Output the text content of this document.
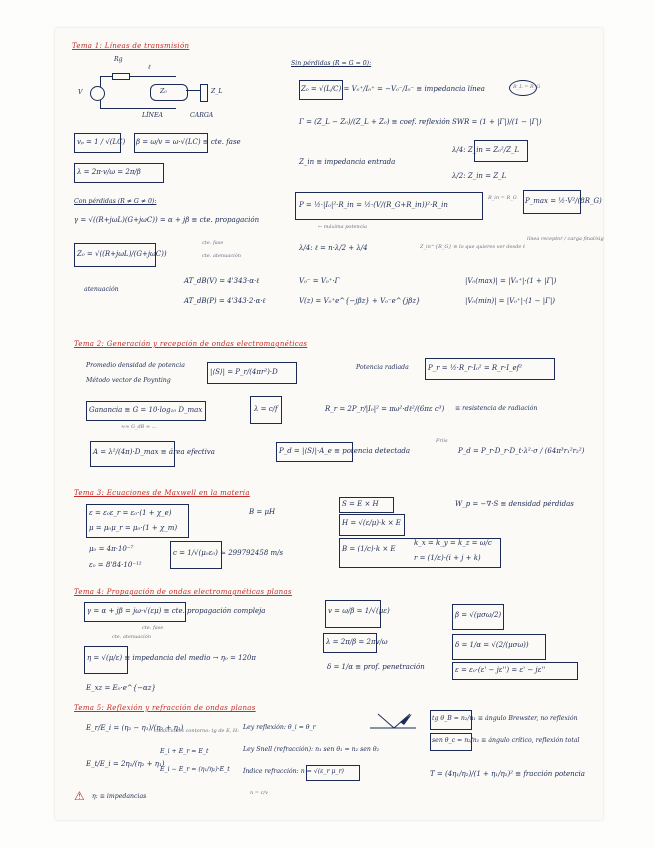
Tema 1: Líneas de transmisión
Rg
ℓ
V	Z₀	Z_L
LÍNEA	CARGA
vₚ = 1 / √(LC) β = ω/v = ω·√(LC) ≡ cte. fase
λ = 2π·v/ω = 2π/β
Sin pérdidas (R = G = 0):
Z₀ = √(L/C) = V₀⁺/I₀⁺ = −V₀⁻/I₀⁻ ≡ impedancia línea	R_L = R_G
Γ = (Z_L − Z₀)/(Z_L + Z₀) ≡ coef. reflexión SWR = (1 + |Γ|)/(1 − |Γ|)
Z_in ≡ impedancia entrada
λ/4: Z_in = Z₀²/Z_L
λ/2: Z_in = Z_L
Con pérdidas (R ≠ G ≠ 0):
γ = √((R+jωL)(G+jωC)) = α + jβ ≡ cte. propagación
cte. fase
cte. atenuación
Z₀ = √((R+jωL)/(G+jωC))
P = ½·|I₀|²·R_in = ½·(V/(R_G+R_in))²·R_in
R_in = R_G P_max = ½·V²/(8R_G)
← máxima potencia
λ/4: ℓ = n·λ/2 + λ/4	Z_in^{R_G} ≡ lo que quieres ver desde ℓ
línea receptor / carga final/sig
atenuación
AT_dB(V) = 4'343·α·ℓ
AT_dB(P) = 4'343·2·α·ℓ
V₀⁻ = V₀⁺·Γ
V(z) = V₀⁺e^{−jβz} + V₀⁻e^{jβz}
|V₀(max)| = |V₀⁺|·(1 + |Γ|)
|V₀(min)| = |V₀⁺|·(1 − |Γ|)
Tema 2: Generación y recepción de ondas electromagnéticas
Promedio densidad de potencia
Método vector de Poynting
|⟨S⟩| = P_r/(4πr²)·D
Potencia radiada	P_r = ½·R_r·I₀² = R_r·I_ef²
Ganancia ≡ G = 10·log₁₀ D_max	λ = c/f
≈≈ G_dB ≈ ...
R_r = 2P_r/|I₀|² = πω²·dℓ²/(6πε c³) ≡ resistencia de radiación
A = λ²/(4π)·D_max ≡ área efectiva	P_d = |⟨S⟩|·A_e ≡ potencia detectada
Friis
P_d = P_r·D_r·D_t·λ²·σ / (64π³r₁²r₂²)
Tema 3: Ecuaciones de Maxwell en la materia
ε = ε₀ε_r = ε₀·(1 + χ_e)
μ = μ₀μ_r = μ₀·(1 + χ_m)
μ₀ = 4π·10⁻⁷
ε₀ = 8'84·10⁻¹²
c = 1/√(μ₀ε₀) ≈ 299792458 m/s
B = μH
S = E × H
H = √(ε/μ)·k × E
B = (1/c)·k × E
k_x = k_y = k_z = ω/c
r = (1/ε)·(i + j + k)
W_p = −∇·S ≡ densidad pérdidas
Tema 4: Propagación de ondas electromagnéticas planas
γ = α + jβ = jω·√(εμ) ≡ cte. propagación compleja
cte. fase
cte. atenuación
η = √(μ/ε) ≡ impedancia del medio → η₀ = 120π
E_xz = E₀·e^{−αz}
v = ω/β = 1/√(με)
λ = 2π/β = 2πv/ω
δ = 1/α ≡ prof. penetración
β = √(μσω/2)
δ = 1/α = √(2/(μσω))
ε = ε₀·(ε' − jε'') = ε' − jε''
Tema 5: Reflexión y refracción de ondas planas
E_r/E_i = (η₂ − η₁)/(η₂ + η₁)
E_t/E_i = 2η₂/(η₂ + η₁)
condiciones contorno: tg de E, H:
E_i + E_r = E_t
E_i − E_r = (η₁/η₂)·E_t
Ley reflexión: θ_i = θ_r
Ley Snell (refracción): n₁ sen θ₁ = n₂ sen θ₂
Índice refracción: n = √(ε_r μ_r)
n = c/v
tg θ_B = n₂/n₁ ≡ ángulo Brewster, no reflexión
sen θ_c = n₂/n₁ ≡ ángulo crítico, reflexión total
T = (4η₁/η₂)/(1 + η₁/η₂)² ≡ fracción potencia
⚠ η: ≡ impedancias
